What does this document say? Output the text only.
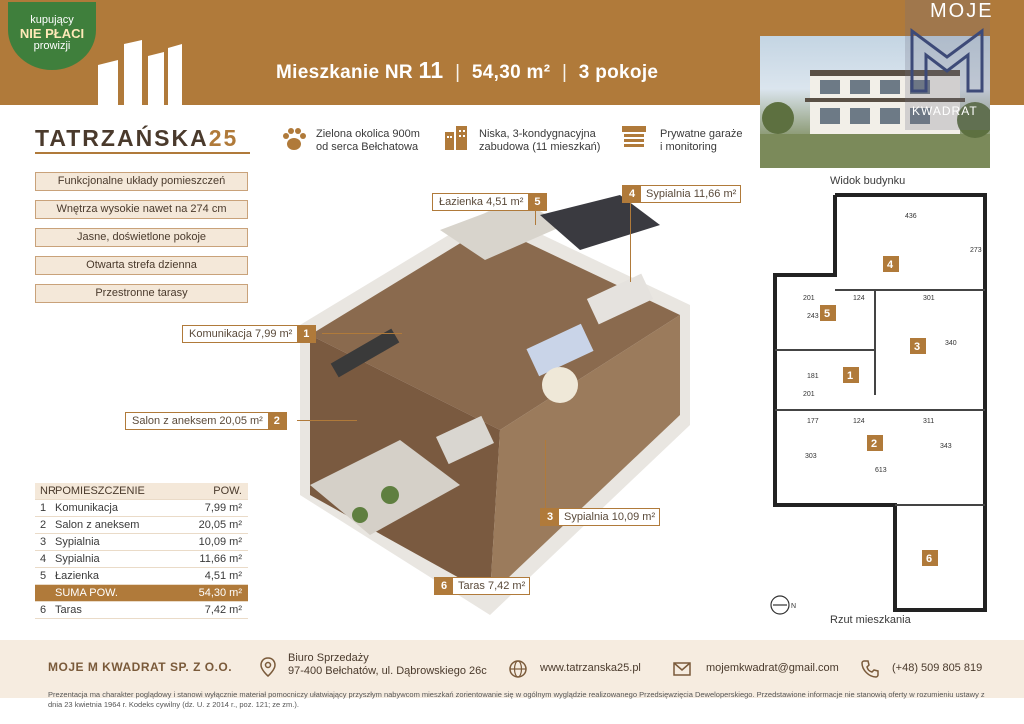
kupujący
NIE PŁACI
prowizji
Mieszkanie NR 11 | 54,30 m² | 3 pokoje
MOJE
KWADRAT
Widok budynku
TATRZAŃSKA25	Zielona okolica 900m
od serca Bełchatowa
Niska, 3-kondygnacyjna
zabudowa (11 mieszkań)
Prywatne garaże
i monitoring
Funkcjonalne układy pomieszczeń
Wnętrza wysokie nawet na 274 cm
Jasne, doświetlone pokoje
Otwarta strefa dzienna
Przestronne tarasy
Łazienka 4,51 m² 5
4 Sypialnia 11,66 m²
Komunikacja 7,99 m² 1
Salon z aneksem 20,05 m² 2
3 Sypialnia 10,09 m²
6 Taras 7,42 m²
NR POMIESZCZENIE	POW.
1 Komunikacja	7,99 m²
2 Salon z aneksem	20,05 m²
3 Sypialnia	10,09 m²
4 Sypialnia	11,66 m²
5 Łazienka	4,51 m²
SUMA POW.	54,30 m²
6 Taras	7,42 m²
436
273
201	124	301
243
340
181
201
177	124	311
303
613
343
1
2
3
4
5
6
N
Rzut mieszkania
MOJE M KWADRAT SP. Z O.O.
Biuro Sprzedaży
97-400 Bełchatów, ul. Dąbrowskiego 26c	www.tatrzanska25.pl	mojemkwadrat@gmail.com	(+48) 509 805 819
Prezentacja ma charakter poglądowy i stanowi wyłącznie materiał pomocniczy ułatwiający przyszłym nabywcom mieszkań zorientowanie się w ogólnym wyglądzie realizowanego Przedsięwzięcia Deweloperskiego. Przedstawione informacje nie stanowią oferty w rozumieniu ustawy z dnia 23 kwietnia 1964 r. Kodeks cywilny (dz. U. z 2014 r., poz. 121; ze zm.).
